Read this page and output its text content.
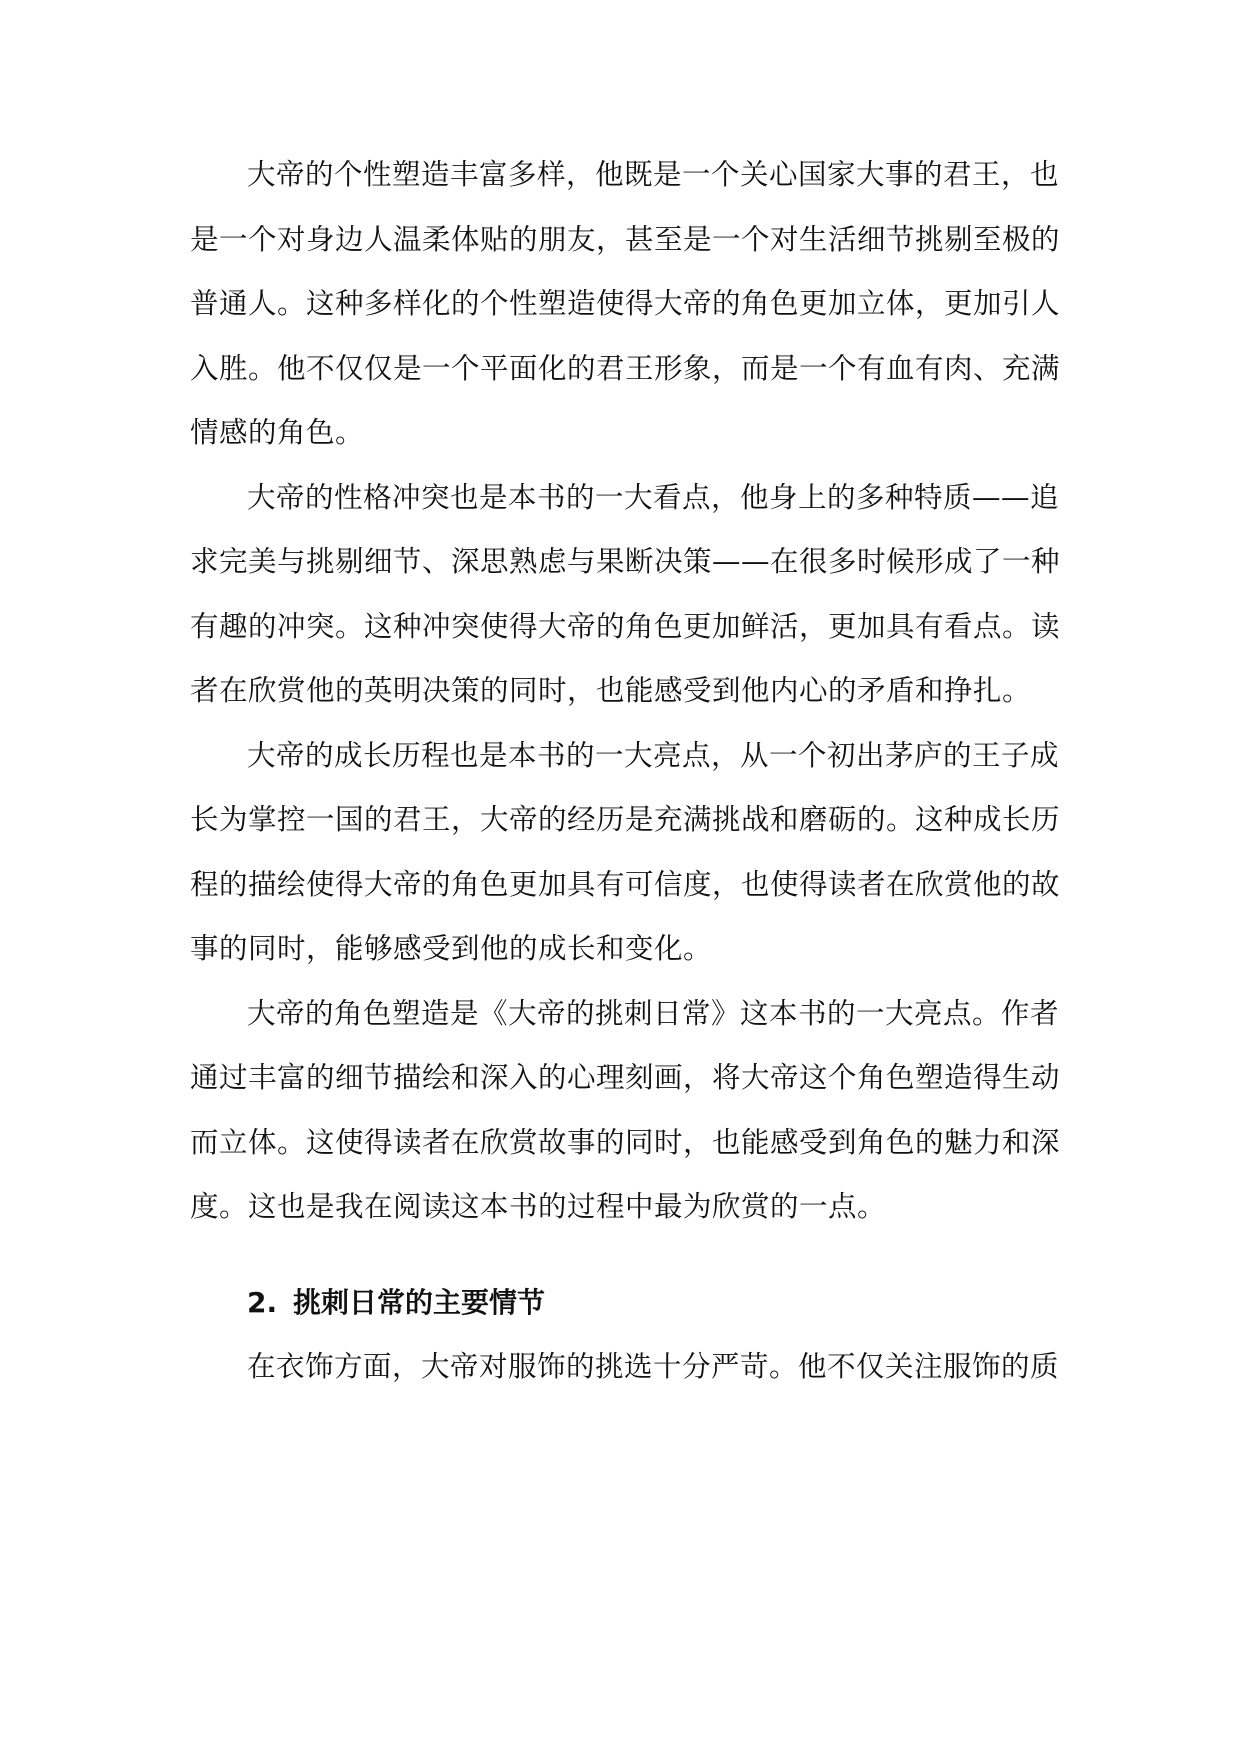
大帝的个性塑造丰富多样，他既是一个关心国家大事的君王，也
是一个对身边人温柔体贴的朋友，甚至是一个对生活细节挑剔至极的
普通人。这种多样化的个性塑造使得大帝的角色更加立体，更加引人
入胜。他不仅仅是一个平面化的君王形象，而是一个有血有肉、充满
情感的角色。
大帝的性格冲突也是本书的一大看点，他身上的多种特质——追
求完美与挑剔细节、深思熟虑与果断决策——在很多时候形成了一种
有趣的冲突。这种冲突使得大帝的角色更加鲜活，更加具有看点。读
者在欣赏他的英明决策的同时，也能感受到他内心的矛盾和挣扎。
大帝的成长历程也是本书的一大亮点，从一个初出茅庐的王子成
长为掌控一国的君王，大帝的经历是充满挑战和磨砺的。这种成长历
程的描绘使得大帝的角色更加具有可信度，也使得读者在欣赏他的故
事的同时，能够感受到他的成长和变化。
大帝的角色塑造是《大帝的挑刺日常》这本书的一大亮点。作者
通过丰富的细节描绘和深入的心理刻画，将大帝这个角色塑造得生动
而立体。这使得读者在欣赏故事的同时，也能感受到角色的魅力和深
度。这也是我在阅读这本书的过程中最为欣赏的一点。
2. 挑刺日常的主要情节
在衣饰方面，大帝对服饰的挑选十分严苛。他不仅关注服饰的质
